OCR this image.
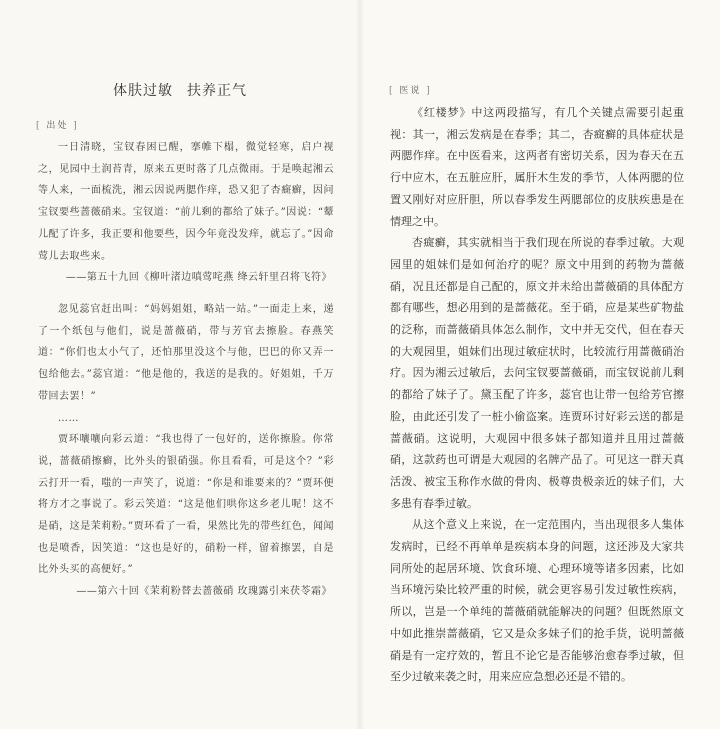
体肤过敏 扶养正气
[ 出处 ]

一日清晓，宝钗春困已醒，搴帷下榻，微觉轻寒，启户视之，见园中土润苔青，原来五更时落了几点微雨。于是唤起湘云等人来，一面梳洗，湘云因说两腮作痒，恐又犯了杏癍癣，因问宝钗要些蔷薇硝来。宝钗道：“前儿剩的都给了妹子。”因说：“颦儿配了许多，我正要和他要些，因今年竟没发痒，就忘了。”因命莺儿去取些来。

——第五十九回《柳叶渚边嗔莺咤燕 绛云轩里召将飞符》

忽见蕊官赶出叫：“妈妈姐姐，略站一站。”一面走上来，递了一个纸包与他们，说是蔷薇硝，带与芳官去擦脸。春燕笑道：“你们也太小气了，还怕那里没这个与他，巴巴的你又弄一包给他去。”蕊官道：“他是他的，我送的是我的。好姐姐，千万带回去罢！”

……

贾环嚷嚷向彩云道：“我也得了一包好的，送你擦脸。你常说，蔷薇硝擦癣，比外头的银硝强。你且看看，可是这个？”彩云打开一看，嗤的一声笑了，说道：“你是和谁要来的？”贾环便将方才之事说了。彩云笑道：“这是他们哄你这乡老儿呢！这不是硝，这是茉莉粉。”贾环看了一看，果然比先的带些红色，闻闻也是喷香，因笑道：“这也是好的，硝粉一样，留着擦罢，自是比外头买的高便好。”

——第六十回《茉莉粉替去蔷薇硝 玫瑰露引来茯苓霜》

[ 医说 ]

《红楼梦》中这两段描写，有几个关键点需要引起重视：其一，湘云发病是在春季；其二，杏癍癣的具体症状是两腮作痒。在中医看来，这两者有密切关系，因为春天在五行中应木，在五脏应肝，属肝木生发的季节，人体两腮的位置又刚好对应肝胆，所以春季发生两腮部位的皮肤疾患是在情理之中。

杏癍癣，其实就相当于我们现在所说的春季过敏。大观园里的姐妹们是如何治疗的呢？原文中用到的药物为蔷薇硝，况且还都是自己配的，原文并未给出蔷薇硝的具体配方都有哪些，想必用到的是蔷薇花。至于硝，应是某些矿物盐的泛称，而蔷薇硝具体怎么制作，文中并无交代，但在春天的大观园里，姐妹们出现过敏症状时，比较流行用蔷薇硝治疗。因为湘云过敏后，去问宝钗要蔷薇硝，而宝钗说前儿剩的都给了妹子了。黛玉配了许多，蕊官也让带一包给芳官擦脸，由此还引发了一桩小偷盗案。连贾环讨好彩云送的都是蔷薇硝。这说明，大观园中很多妹子都知道并且用过蔷薇硝，这款药也可谓是大观园的名牌产品了。可见这一群天真活泼、被宝玉称作水做的骨肉、极尊贵极亲近的妹子们，大多患有春季过敏。

从这个意义上来说，在一定范围内，当出现很多人集体发病时，已经不再单单是疾病本身的问题，这还涉及大家共同所处的起居环境、饮食环境、心理环境等诸多因素，比如当环境污染比较严重的时候，就会更容易引发过敏性疾病，所以，岂是一个单纯的蔷薇硝就能解决的问题？但既然原文中如此推崇蔷薇硝，它又是众多妹子们的抢手货，说明蔷薇硝是有一定疗效的，暂且不论它是否能够治愈春季过敏，但至少过敏来袭之时，用来应应急想必还是不错的。
